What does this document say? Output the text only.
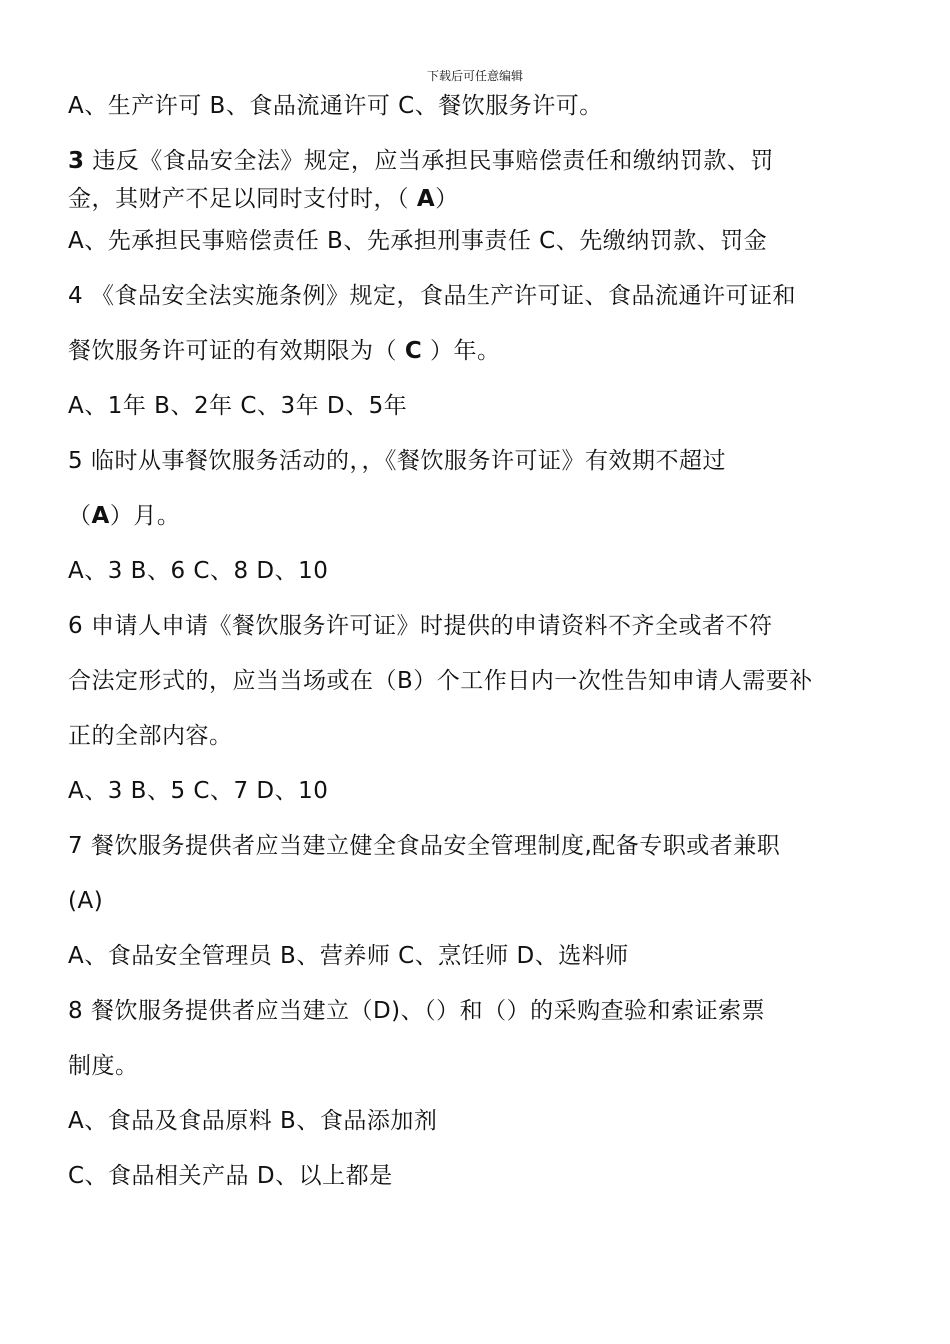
下载后可任意编辑
A、生产许可 B、食品流通许可 C、餐饮服务许可。
3 违反《食品安全法》规定，应当承担民事赔偿责任和缴纳罚款、罚
金，其财产不足以同时支付时，（ A）
A、先承担民事赔偿责任 B、先承担刑事责任 C、先缴纳罚款、罚金
4 《食品安全法实施条例》规定，食品生产许可证、食品流通许可证和
餐饮服务许可证的有效期限为（ C ）年。
A、1年 B、2年 C、3年 D、5年
5 临时从事餐饮服务活动的，，《餐饮服务许可证》有效期不超过
（A）月。
A、3 B、6 C、8 D、10
6 申请人申请《餐饮服务许可证》时提供的申请资料不齐全或者不符
合法定形式的，应当当场或在（B）个工作日内一次性告知申请人需要补
正的全部内容。
A、3 B、5 C、7 D、10
7 餐饮服务提供者应当建立健全食品安全管理制度,配备专职或者兼职
(A)
A、食品安全管理员 B、营养师 C、烹饪师 D、选料师
8 餐饮服务提供者应当建立（D)、（）和（）的采购查验和索证索票
制度。
A、食品及食品原料 B、食品添加剂
C、食品相关产品 D、以上都是
